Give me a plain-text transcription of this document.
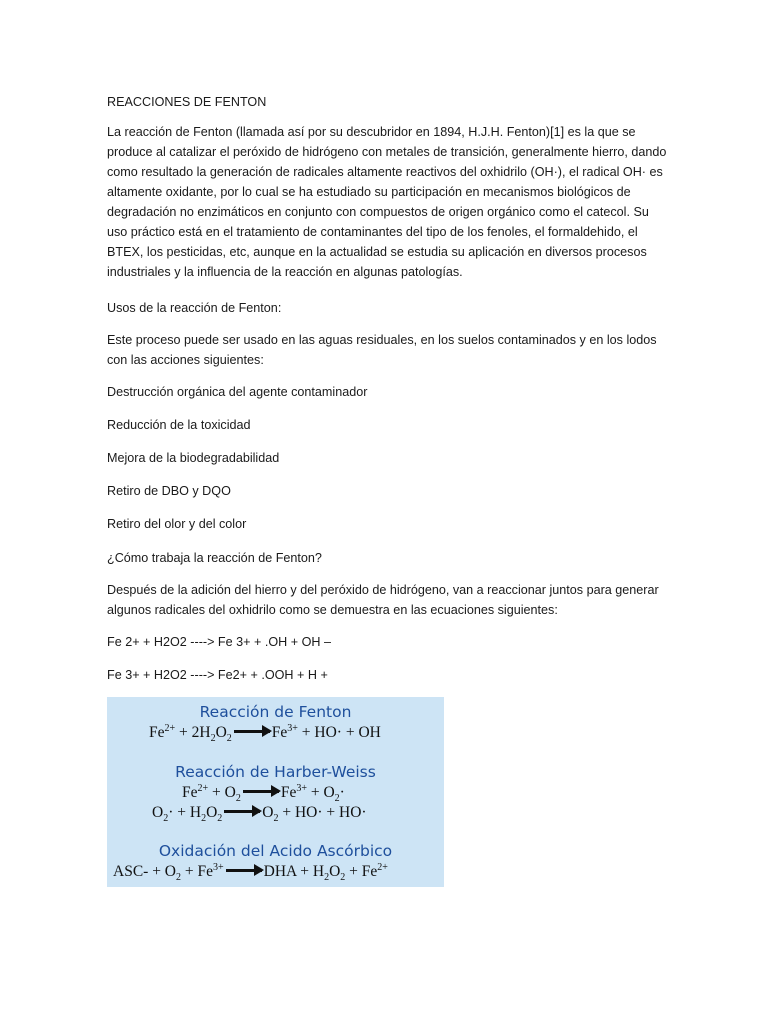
REACCIONES DE FENTON

La reacción de Fenton (llamada así por su descubridor en 1894, H.J.H. Fenton)[1] es la que se produce al catalizar el peróxido de hidrógeno con metales de transición, generalmente hierro, dando como resultado la generación de radicales altamente reactivos del oxhidrilo (OH·), el radical OH· es altamente oxidante, por lo cual se ha estudiado su participación en mecanismos biológicos de degradación no enzimáticos en conjunto con compuestos de origen orgánico como el catecol. Su uso práctico está en el tratamiento de contaminantes del tipo de los fenoles, el formaldehido, el BTEX, los pesticidas, etc, aunque en la actualidad se estudia su aplicación en diversos procesos industriales y la influencia de la reacción en algunas patologías.

Usos de la reacción de Fenton:

Este proceso puede ser usado en las aguas residuales, en los suelos contaminados y en los lodos con las acciones siguientes:

Destrucción orgánica del agente contaminador
Reducción de la toxicidad
Mejora de la biodegradabilidad
Retiro de DBO y DQO
Retiro del olor y del color

¿Cómo trabaja la reacción de Fenton?

Después de la adición del hierro y del peróxido de hidrógeno, van a reaccionar juntos para generar algunos radicales del oxhidrilo como se demuestra en las ecuaciones siguientes:

Fe 2+ + H2O2 ----> Fe 3+ + .OH + OH –

Fe 3+ + H2O2 ----> Fe2+ + .OOH + H +

Reacción de Fenton
$Fe^{2+} + 2H_2O_2$	$Fe^{3+} + HO\cdot$ + OH
Reacción de Harber-Weiss
$Fe^{2+} + O_2$	$Fe^{3+} + O_2\cdot$
$O_2\cdot + H_2O_2$	$O_2 + HO\cdot + HO\cdot$
Oxidación del Acido Ascórbico
$ASC- + O_2 + Fe^{3+}$	DHA + $H_2O_2 + Fe^{2+}$
